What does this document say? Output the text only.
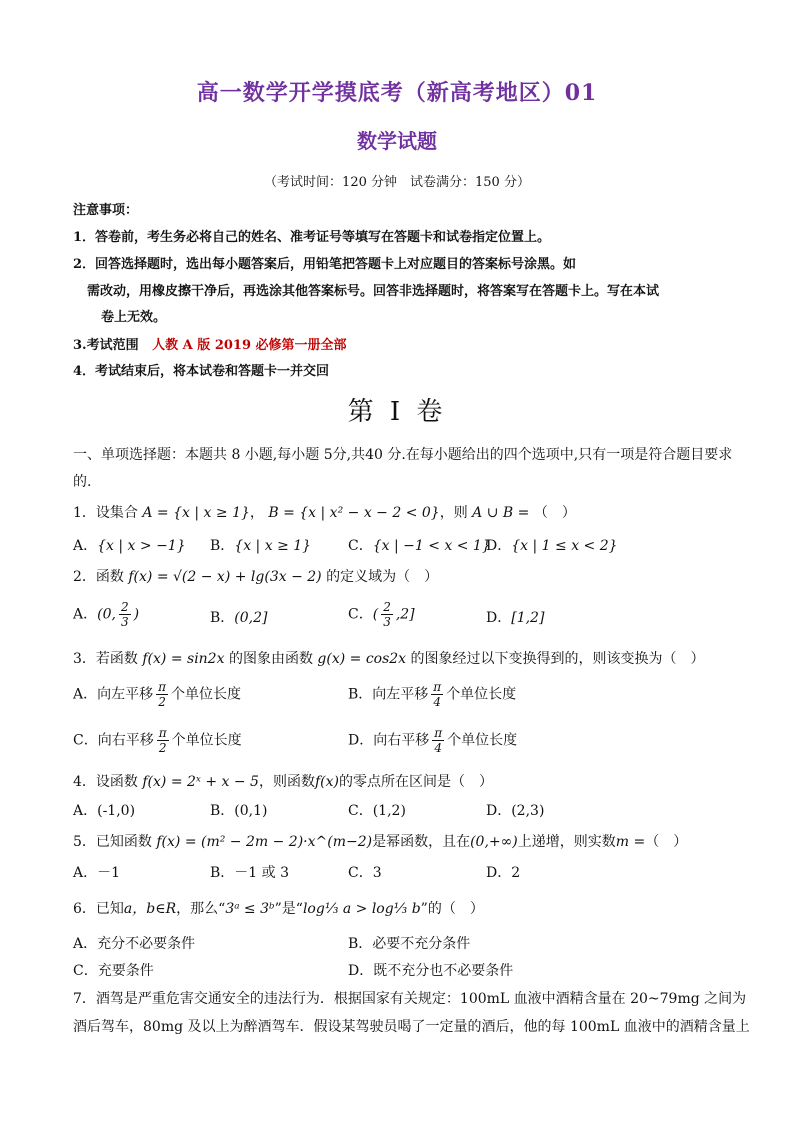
高一数学开学摸底考（新高考地区）01
数学试题
（考试时间：120 分钟　试卷满分：150 分）
注意事项：
1．答卷前，考生务必将自己的姓名、准考证号等填写在答题卡和试卷指定位置上。
2．回答选择题时，选出每小题答案后，用铅笔把答题卡上对应题目的答案标号涂黑。如
需改动，用橡皮擦干净后，再选涂其他答案标号。回答非选择题时，将答案写在答题卡上。写在本试
卷上无效。
3.考试范围 人教 A 版 2019 必修第一册全部
4．考试结束后，将本试卷和答题卡一并交回
第 I 卷
一、单项选择题：本题共 8 小题,每小题 5分,共40 分.在每小题给出的四个选项中,只有一项是符合题目要求
的.
1．设集合 A = {x | x ≥ 1}， B = {x | x² − x − 2 < 0}，则 A ∪ B = （　）
A．{x | x > −1} B．{x | x ≥ 1}	C．{x | −1 < x < 1}
D．{x | 1 ≤ x < 2}
2．函数 f(x) = √(2 − x) + lg(3x − 2) 的定义域为（　）
A．(0, $\frac{2}{3}$ )	B．(0,2]	C．( $\frac{2}{3} ,2$]	D．[1,2]
3．若函数 f(x) = sin2x 的图象由函数 g(x) = cos2x 的图象经过以下变换得到的，则该变换为（　）
A．向左平移 $\frac{\pi}{2}$ 个单位长度	B．向左平移 $\frac{\pi}{4}$ 个单位长度
C．向右平移 $\frac{\pi}{2}$ 个单位长度	D．向右平移 $\frac{\pi}{4}$ 个单位长度
4．设函数 f(x) = 2ˣ + x − 5，则函数f(x)的零点所在区间是（　）
A．(-1,0)	B．(0,1)	C．(1,2)	D．(2,3)
5．已知函数 f(x) = (m² − 2m − 2)·x^(m−2)是幂函数，且在(0,+∞)上递增，则实数m =（　）
A．－1	B．－1 或 3	C．3	D．2
6．已知a，b∈R，那么“3ᵃ ≤ 3ᵇ”是“log⅓ a > log⅓ b”的（　）
A．充分不必要条件	B．必要不充分条件
C．充要条件	D．既不充分也不必要条件
7．酒驾是严重危害交通安全的违法行为．根据国家有关规定：100mL 血液中酒精含量在 20~79mg 之间为
酒后驾车，80mg 及以上为醉酒驾车．假设某驾驶员喝了一定量的酒后，他的每 100mL 血液中的酒精含量上
